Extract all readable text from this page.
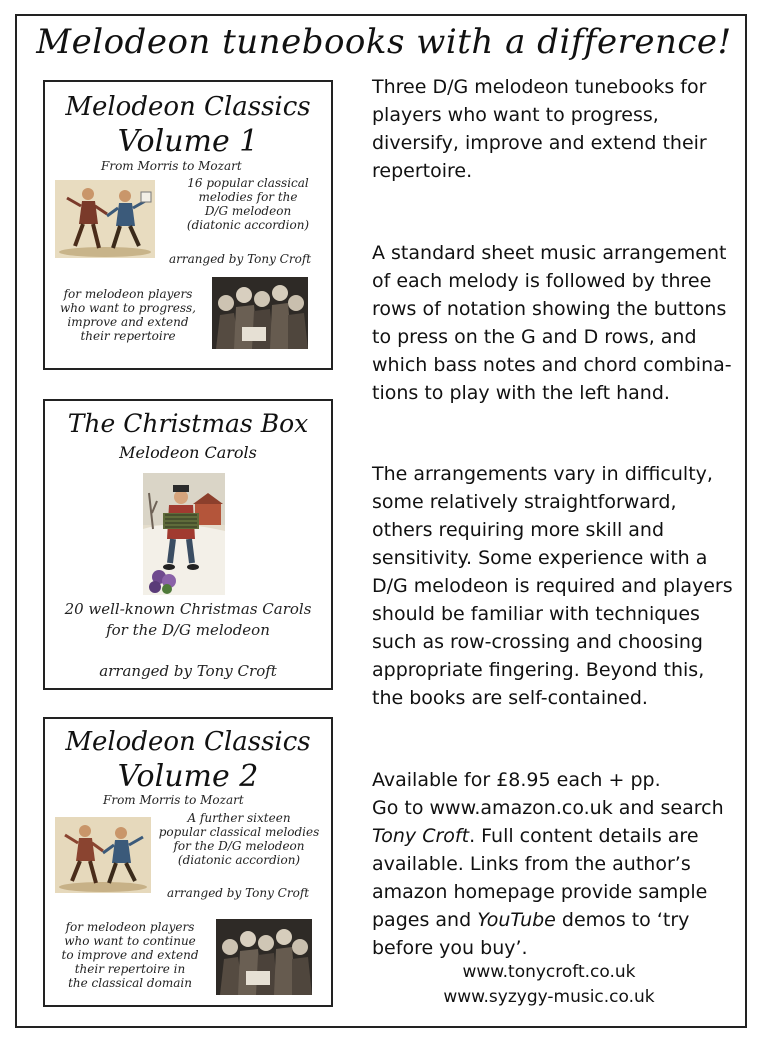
Melodeon tunebooks with a difference!
Melodeon Classics
Volume 1
From Morris to Mozart
16 popular classical
melodies for the
D/G melodeon
(diatonic accordion)
arranged by Tony Croft
for melodeon players
who want to progress,
improve and extend
their repertoire
The Christmas Box
Melodeon Carols
20 well-known Christmas Carols
for the D/G melodeon
arranged by Tony Croft
Melodeon Classics
Volume 2
From Morris to Mozart
A further sixteen
popular classical melodies
for the D/G melodeon
(diatonic accordion)
arranged by Tony Croft
for melodeon players
who want to continue
to improve and extend
their repertoire in
the classical domain

Three D/G melodeon tunebooks for

players who want to progress,

diversify, improve and extend their

repertoire.

A standard sheet music arrangement

of each melody is followed by three

rows of notation showing the buttons

to press on the G and D rows, and

which bass notes and chord combina-

tions to play with the left hand.

The arrangements vary in difficulty,

some relatively straightforward,

others requiring more skill and

sensitivity. Some experience with a

D/G melodeon is required and players

should be familiar with techniques

such as row-crossing and choosing

appropriate fingering. Beyond this,

the books are self-contained.

Available for £8.95 each + pp.

Go to www.amazon.co.uk and search

Tony Croft. Full content details are

available. Links from the author’s

amazon homepage provide sample

pages and YouTube demos to ‘try

before you buy’.

www.tonycroft.co.uk
www.syzygy-music.co.uk
